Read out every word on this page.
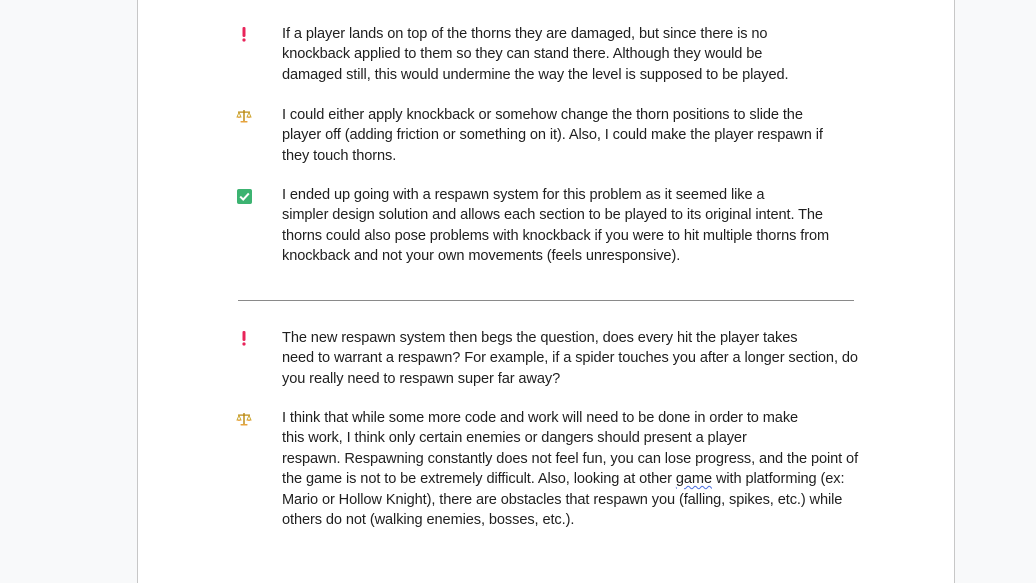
If a player lands on top of the thorns they are damaged, but since there is no
knockback applied to them so they can stand there. Although they would be
damaged still, this would undermine the way the level is supposed to be played.
I could either apply knockback or somehow change the thorn positions to slide the
player off (adding friction or something on it). Also, I could make the player respawn if
they touch thorns.
I ended up going with a respawn system for this problem as it seemed like a
simpler design solution and allows each section to be played to its original intent. The
thorns could also pose problems with knockback if you were to hit multiple thorns from
knockback and not your own movements (feels unresponsive).
The new respawn system then begs the question, does every hit the player takes
need to warrant a respawn? For example, if a spider touches you after a longer section, do
you really need to respawn super far away?
I think that while some more code and work will need to be done in order to make
this work, I think only certain enemies or dangers should present a player
respawn. Respawning constantly does not feel fun, you can lose progress, and the point of
the game is not to be extremely difficult. Also, looking at other game with platforming (ex:
Mario or Hollow Knight), there are obstacles that respawn you (falling, spikes, etc.) while
others do not (walking enemies, bosses, etc.).
